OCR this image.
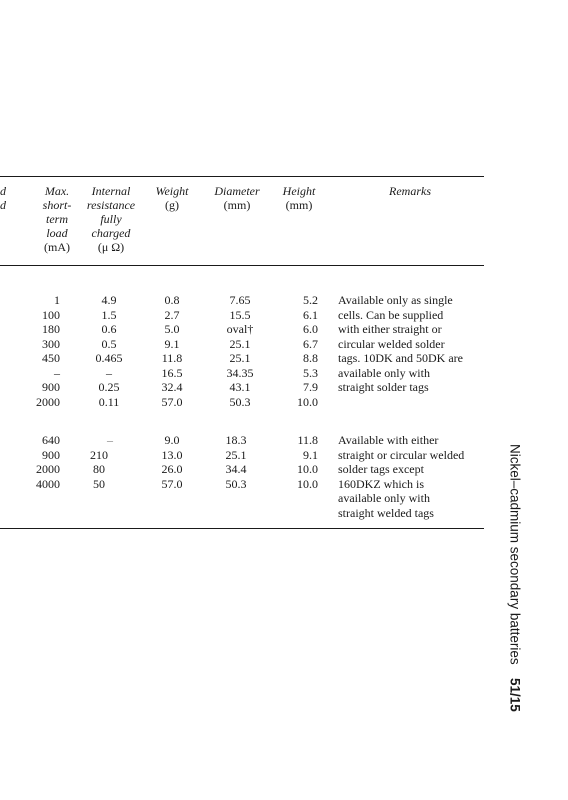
d
d
Max.
short-
term
load
(mA)
Internal
resistance
fully
charged
(μ Ω)
Weight
(g)
Diameter
(mm)
Height
(mm)
Remarks
1
100
180
300
450
–
900
2000
4.9
1.5
0.6
0.5
0.465
–
0.25
0.11
0.8
2.7
5.0
9.1
11.8
16.5
32.4
57.0
7.65
15.5
oval†
25.1
25.1
34.35
43.1
50.3
5.2
6.1
6.0
6.7
8.8
5.3
7.9
10.0
Available only as single
cells. Can be supplied
with either straight or
circular welded solder
tags. 10DK and 50DK are
available only with
straight solder tags
640
900
2000
4000
–
210
80
50
9.0
13.0
26.0
57.0
18.3
25.1
34.4
50.3
11.8
9.1
10.0
10.0
Available with either
straight or circular welded
solder tags except
160DKZ which is
available only with
straight welded tags	Nickel–cadmium secondary batteries51/15
